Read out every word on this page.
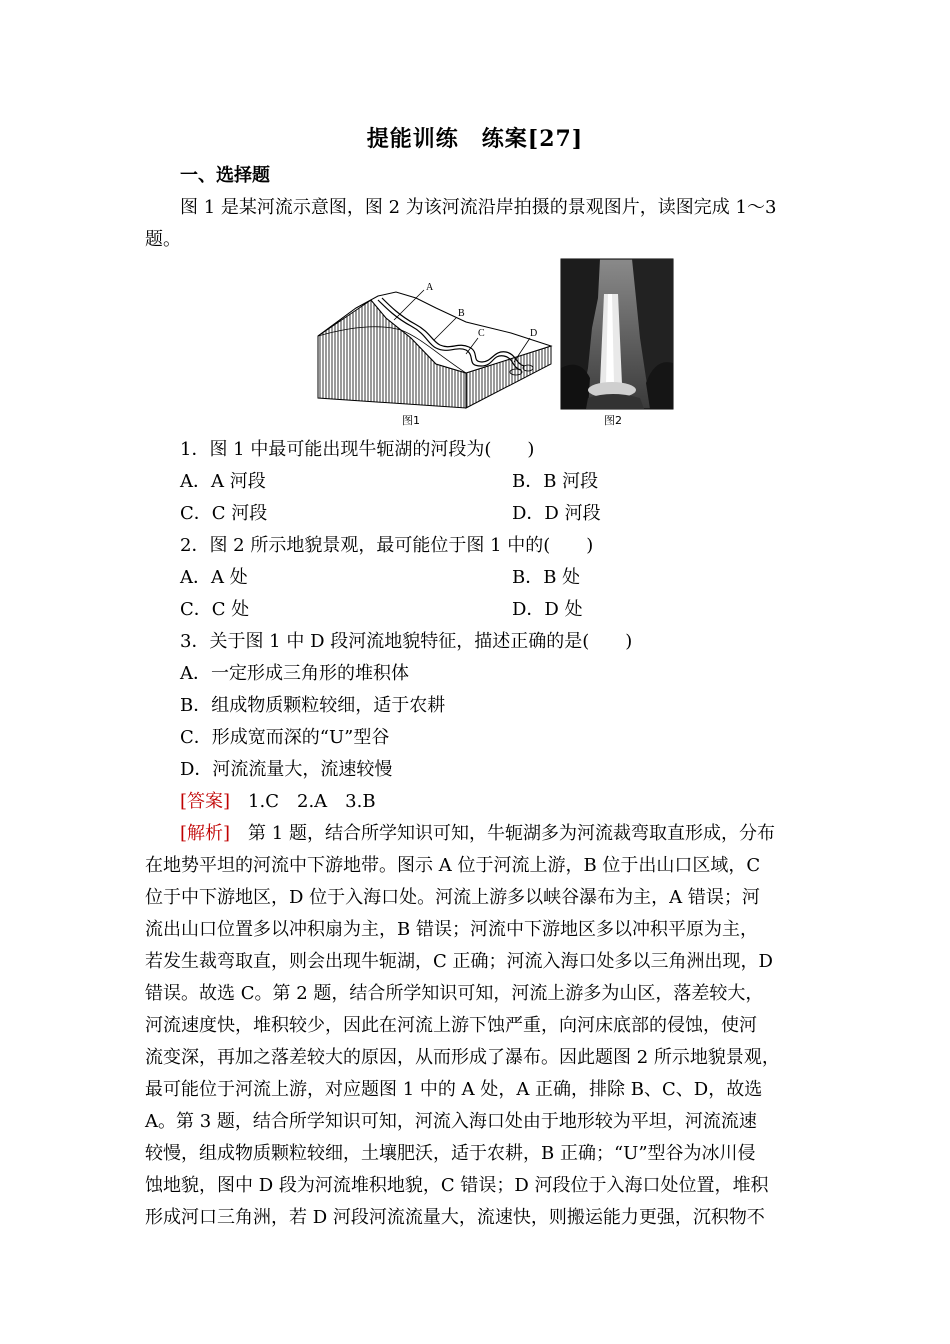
提能训练　练案[27]
一、选择题
图 1 是某河流示意图，图 2 为该河流沿岸拍摄的景观图片，读图完成 1～3
题。
A
B
C	D
图1	图2
1．图 1 中最可能出现牛轭湖的河段为(　　)
A．A 河段	B．B 河段
C．C 河段	D．D 河段
2．图 2 所示地貌景观，最可能位于图 1 中的(　　)
A．A 处	B．B 处
C．C 处	D．D 处
3．关于图 1 中 D 段河流地貌特征，描述正确的是(　　)
A．一定形成三角形的堆积体
B．组成物质颗粒较细，适于农耕
C．形成宽而深的“U”型谷
D．河流流量大，流速较慢
[答案]　1.C　2.A　3.B
[解析]　第 1 题，结合所学知识可知，牛轭湖多为河流裁弯取直形成，分布
在地势平坦的河流中下游地带。图示 A 位于河流上游，B 位于出山口区域，C
位于中下游地区，D 位于入海口处。河流上游多以峡谷瀑布为主，A 错误；河
流出山口位置多以冲积扇为主，B 错误；河流中下游地区多以冲积平原为主，
若发生裁弯取直，则会出现牛轭湖，C 正确；河流入海口处多以三角洲出现，D
错误。故选 C。第 2 题，结合所学知识可知，河流上游多为山区，落差较大，
河流速度快，堆积较少，因此在河流上游下蚀严重，向河床底部的侵蚀，使河
流变深，再加之落差较大的原因，从而形成了瀑布。因此题图 2 所示地貌景观，
最可能位于河流上游，对应题图 1 中的 A 处，A 正确，排除 B、C、D，故选
A。第 3 题，结合所学知识可知，河流入海口处由于地形较为平坦，河流流速
较慢，组成物质颗粒较细，土壤肥沃，适于农耕，B 正确；“U”型谷为冰川侵
蚀地貌，图中 D 段为河流堆积地貌，C 错误；D 河段位于入海口处位置，堆积
形成河口三角洲，若 D 河段河流流量大，流速快，则搬运能力更强，沉积物不
